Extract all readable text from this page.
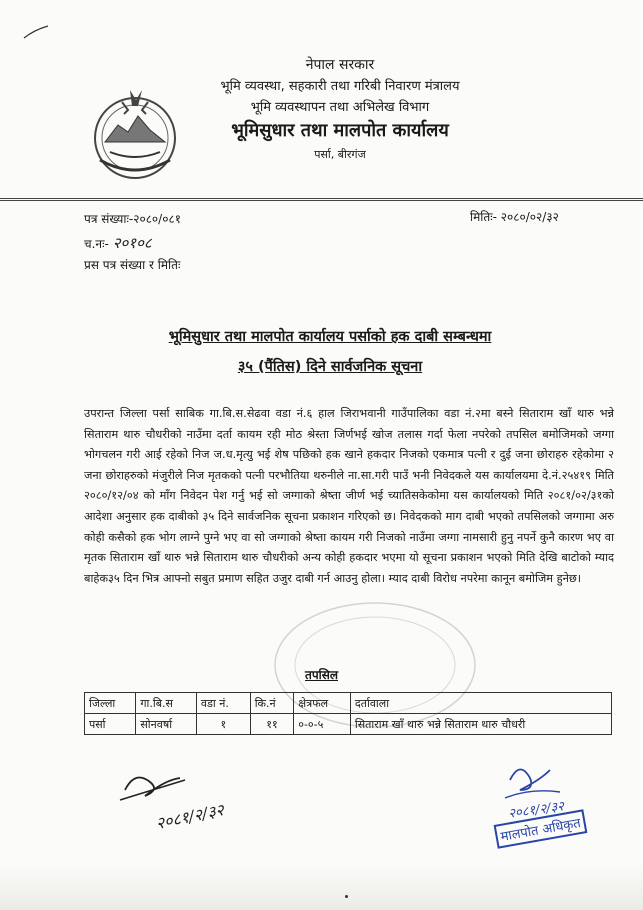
नेपाल सरकार
भूमि व्यवस्था, सहकारी तथा गरिबी निवारण मंत्रालय
भूमि व्यवस्थापन तथा अभिलेख विभाग
भूमिसुधार तथा मालपोत कार्यालय
पर्सा, बीरगंज
पत्र संख्याः-२०८०/०८१	मितिः- २०८०/०२/३२
च.नः- २०१०८
प्रस पत्र संख्या र मितिः
भूमिसुधार तथा मालपोत कार्यालय पर्साको हक दाबी सम्बन्धमा
३५ (पैंतिस) दिने सार्वजनिक सूचना
उपरान्त जिल्ला पर्सा साबिक गा.बि.स.सेढवा वडा नं.६ हाल जिराभवानी गाउँपालिका वडा नं.२मा बस्ने सिताराम खाँ थारु भन्ने सिताराम थारु चौधरीको नाउँमा दर्ता कायम रही मोठ श्रेस्ता जिर्णभई खोज तलास गर्दा फेला नपरेको तपसिल बमोजिमको जग्गा भोगचलन गरी आई रहेको निज ज.ध.मृत्यु भई शेष पछिको हक खाने हकदार निजको एकमात्र पत्नी र दुई जना छोराहरु रहेकोमा २ जना छोराहरुको मंजुरीले निज मृतकको पत्नी परभौतिया थरुनीले ना.सा.गरी पाउँ भनी निवेदकले यस कार्यालयमा दे.नं.२५४१९ मिति २०८०/१२/०४ को माँग निवेदन पेश गर्नु भई सो जग्गाको श्रेष्ता जीर्ण भई च्यातिसकेकोमा यस कार्यालयको मिति २०८१/०२/३१को आदेशा अनुसार हक दाबीको ३५ दिने सार्वजनिक सूचना प्रकाशन गरिएको छ। निवेदकको माग दाबी भएको तपसिलको जग्गामा अरु कोही कसैको हक भोग लाग्ने पुग्ने भए वा सो जग्गाको श्रेष्ता कायम गरी निजको नाउँमा जग्गा नामसारी हुनु नपर्ने कुनै कारण भए वा मृतक सिताराम खाँ थारु भन्ने सिताराम थारु चौधरीको अन्य कोही हकदार भएमा यो सूचना प्रकाशन भएको मिति देखि बाटोको म्याद बाहेक३५ दिन भित्र आफ्नो सबुत प्रमाण सहित उजुर दाबी गर्न आउनु होला। म्याद दाबी विरोध नपरेमा कानून बमोजिम हुनेछ।
तपसिल
जिल्ला	गा.बि.स	वडा नं.	कि.नं	क्षेत्रफल	दर्तावाला
पर्सा	सोनवर्षा	१	११	०-०-५	सिताराम खाँ थारु भन्ने सिताराम थारु चौधरी
२०८१/२/३२	२०८१/२/३२
मालपोत अधिकृत
